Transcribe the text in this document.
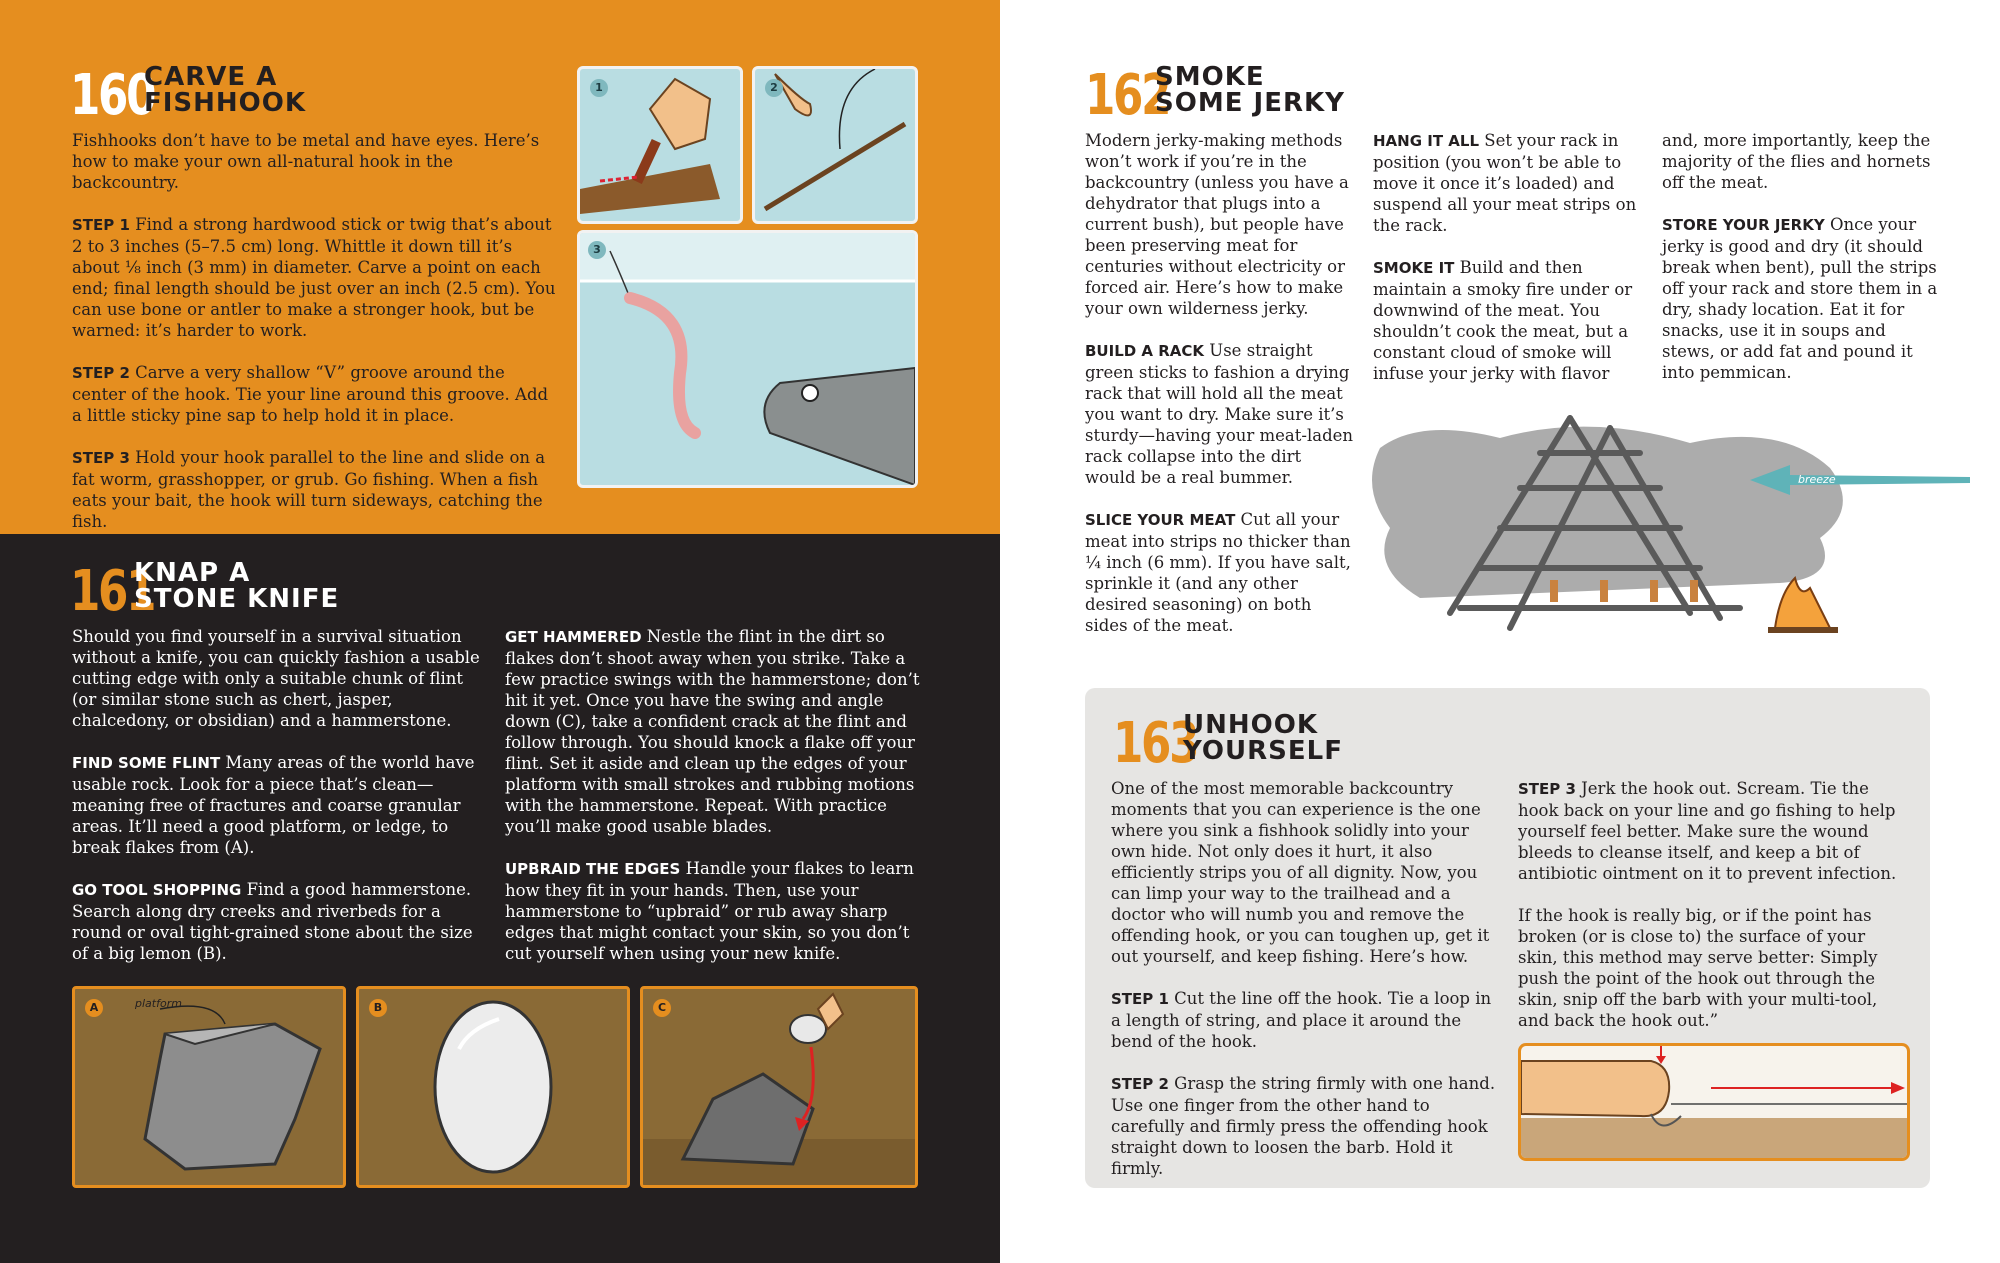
160
CARVE A
FISHHOOK

Fishhooks don’t have to be metal and have eyes. Here’s how to make your own all-natural hook in the backcountry.

STEP 1 Find a strong hardwood stick or twig that’s about 2 to 3 inches (5–7.5 cm) long. Whittle it down till it’s about ⅛ inch (3 mm) in diameter. Carve a point on each end; final length should be just over an inch (2.5 cm). You can use bone or antler to make a stronger hook, but be warned: it’s harder to work.

STEP 2 Carve a very shallow “V” groove around the center of the hook. Tie your line around this groove. Add a little sticky pine sap to help hold it in place.

STEP 3 Hold your hook parallel to the line and slide on a fat worm, grasshopper, or grub. Go fishing. When a fish eats your bait, the hook will turn sideways, catching the fish.

1	2
3
161
KNAP A
STONE KNIFE

Should you find yourself in a survival situation without a knife, you can quickly fashion a usable cutting edge with only a suitable chunk of flint (or similar stone such as chert, jasper, chalcedony, or obsidian) and a hammerstone.

FIND SOME FLINT Many areas of the world have usable rock. Look for a piece that’s clean—meaning free of fractures and coarse granular areas. It’ll need a good platform, or ledge, to break flakes from (A).

GO TOOL SHOPPING Find a good hammerstone. Search along dry creeks and riverbeds for a round or oval tight-grained stone about the size of a big lemon (B).

GET HAMMERED Nestle the flint in the dirt so flakes don’t shoot away when you strike. Take a few practice swings with the hammerstone; don’t hit it yet. Once you have the swing and angle down (C), take a confident crack at the flint and follow through. You should knock a flake off your flint. Set it aside and clean up the edges of your platform with small strokes and rubbing motions with the hammerstone. Repeat. With practice you’ll make good usable blades.

UPBRAID THE EDGES Handle your flakes to learn how they fit in your hands. Then, use your hammerstone to “upbraid” or rub away sharp edges that might contact your skin, so you don’t cut yourself when using your new knife.

A	platform	B	C
162
SMOKE
SOME JERKY

Modern jerky-making methods won’t work if you’re in the backcountry (unless you have a dehydrator that plugs into a current bush), but people have been preserving meat for centuries without electricity or forced air. Here’s how to make your own wilderness jerky.

BUILD A RACK Use straight green sticks to fashion a drying rack that will hold all the meat you want to dry. Make sure it’s sturdy—having your meat-laden rack collapse into the dirt would be a real bummer.

SLICE YOUR MEAT Cut all your meat into strips no thicker than ¼ inch (6 mm). If you have salt, sprinkle it (and any other desired seasoning) on both sides of the meat.

HANG IT ALL Set your rack in position (you won’t be able to move it once it’s loaded) and suspend all your meat strips on the rack.

SMOKE IT Build and then maintain a smoky fire under or downwind of the meat. You shouldn’t cook the meat, but a constant cloud of smoke will infuse your jerky with flavor

and, more importantly, keep the majority of the flies and hornets off the meat.

STORE YOUR JERKY Once your jerky is good and dry (it should break when bent), pull the strips off your rack and store them in a dry, shady location. Eat it for snacks, use it in soups and stews, or add fat and pound it into pemmican.

breeze
163
UNHOOK
YOURSELF

One of the most memorable backcountry moments that you can experience is the one where you sink a fishhook solidly into your own hide. Not only does it hurt, it also efficiently strips you of all dignity. Now, you can limp your way to the trailhead and a doctor who will numb you and remove the offending hook, or you can toughen up, get it out yourself, and keep fishing. Here’s how.

STEP 1 Cut the line off the hook. Tie a loop in a length of string, and place it around the bend of the hook.

STEP 2 Grasp the string firmly with one hand. Use one finger from the other hand to carefully and firmly press the offending hook straight down to loosen the barb. Hold it firmly.

STEP 3 Jerk the hook out. Scream. Tie the hook back on your line and go fishing to help yourself feel better. Make sure the wound bleeds to cleanse itself, and keep a bit of antibiotic ointment on it to prevent infection.

If the hook is really big, or if the point has broken (or is close to) the surface of your skin, this method may serve better: Simply push the point of the hook out through the skin, snip off the barb with your multi-tool, and back the hook out.”
